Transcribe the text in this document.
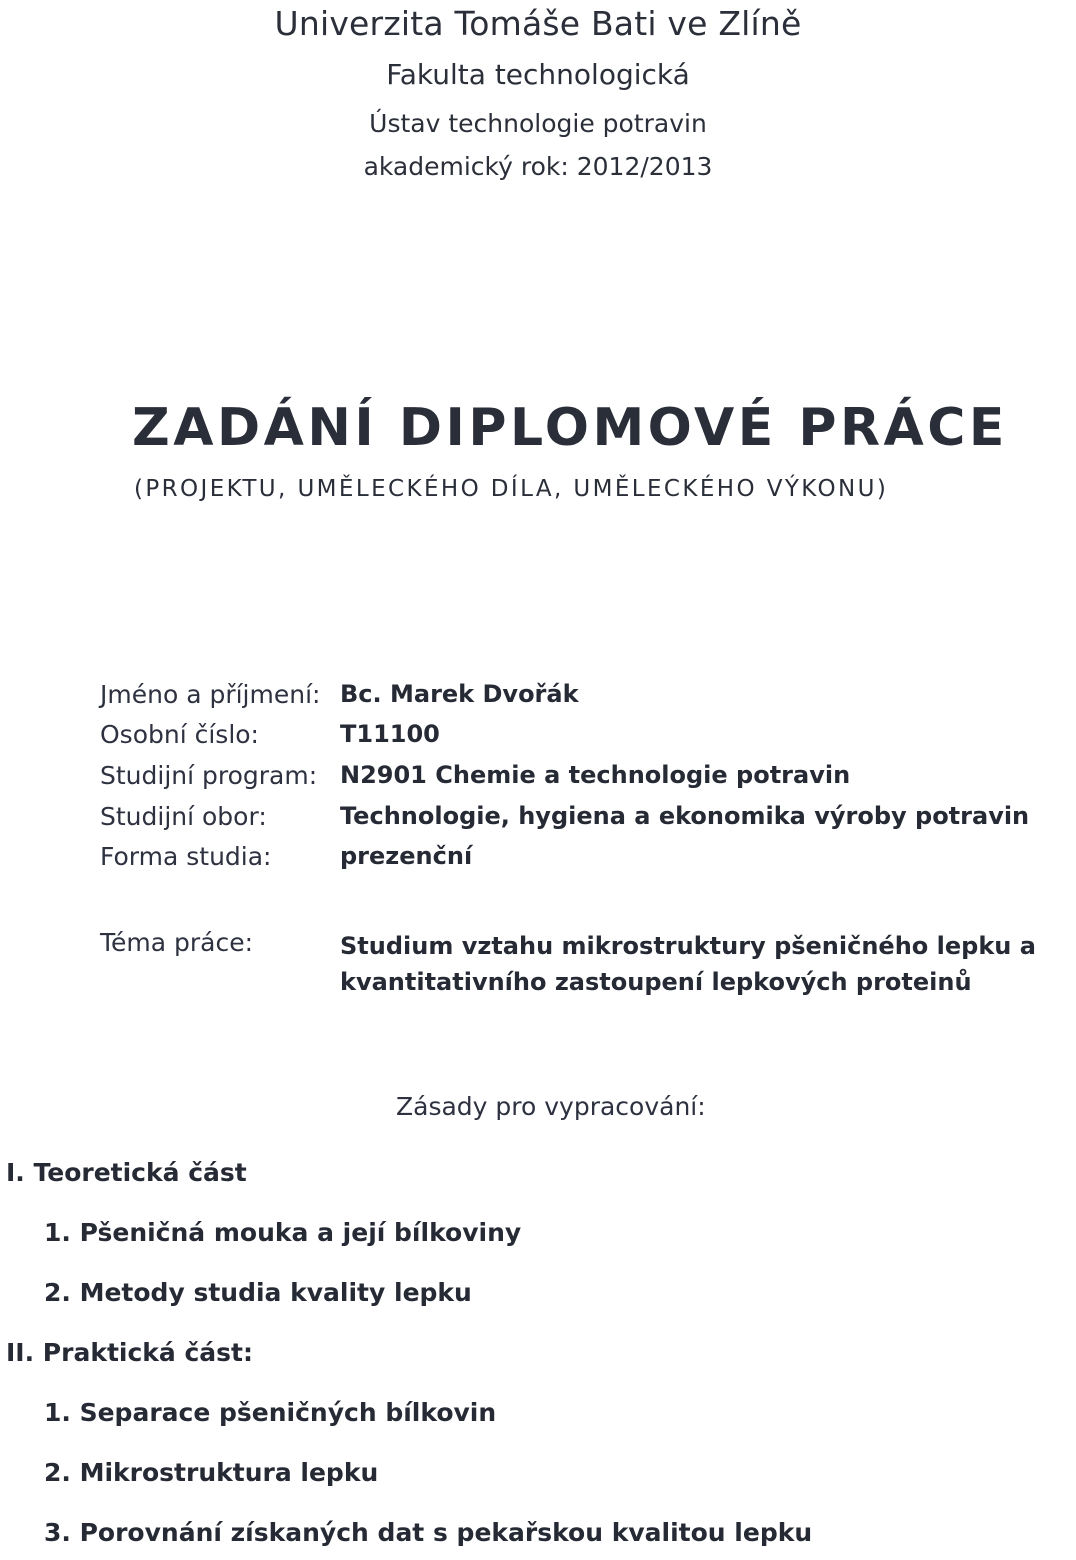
Univerzita Tomáše Bati ve Zlíně
Fakulta technologická
Ústav technologie potravin
akademický rok: 2012/2013
ZADÁNÍ DIPLOMOVÉ PRÁCE
(PROJEKTU, UMĚLECKÉHO DÍLA, UMĚLECKÉHO VÝKONU)
Jméno a příjmení: Bc. Marek Dvořák
Osobní číslo:	T11100
Studijní program: N2901 Chemie a technologie potravin
Studijní obor:	Technologie, hygiena a ekonomika výroby potravin
Forma studia:	prezenční
Téma práce:	Studium vztahu mikrostruktury pšeničného lepku a
kvantitativního zastoupení lepkových proteinů
Zásady pro vypracování:
I. Teoretická část
1. Pšeničná mouka a její bílkoviny
2. Metody studia kvality lepku
II. Praktická část:
1. Separace pšeničných bílkovin
2. Mikrostruktura lepku
3. Porovnání získaných dat s pekařskou kvalitou lepku
